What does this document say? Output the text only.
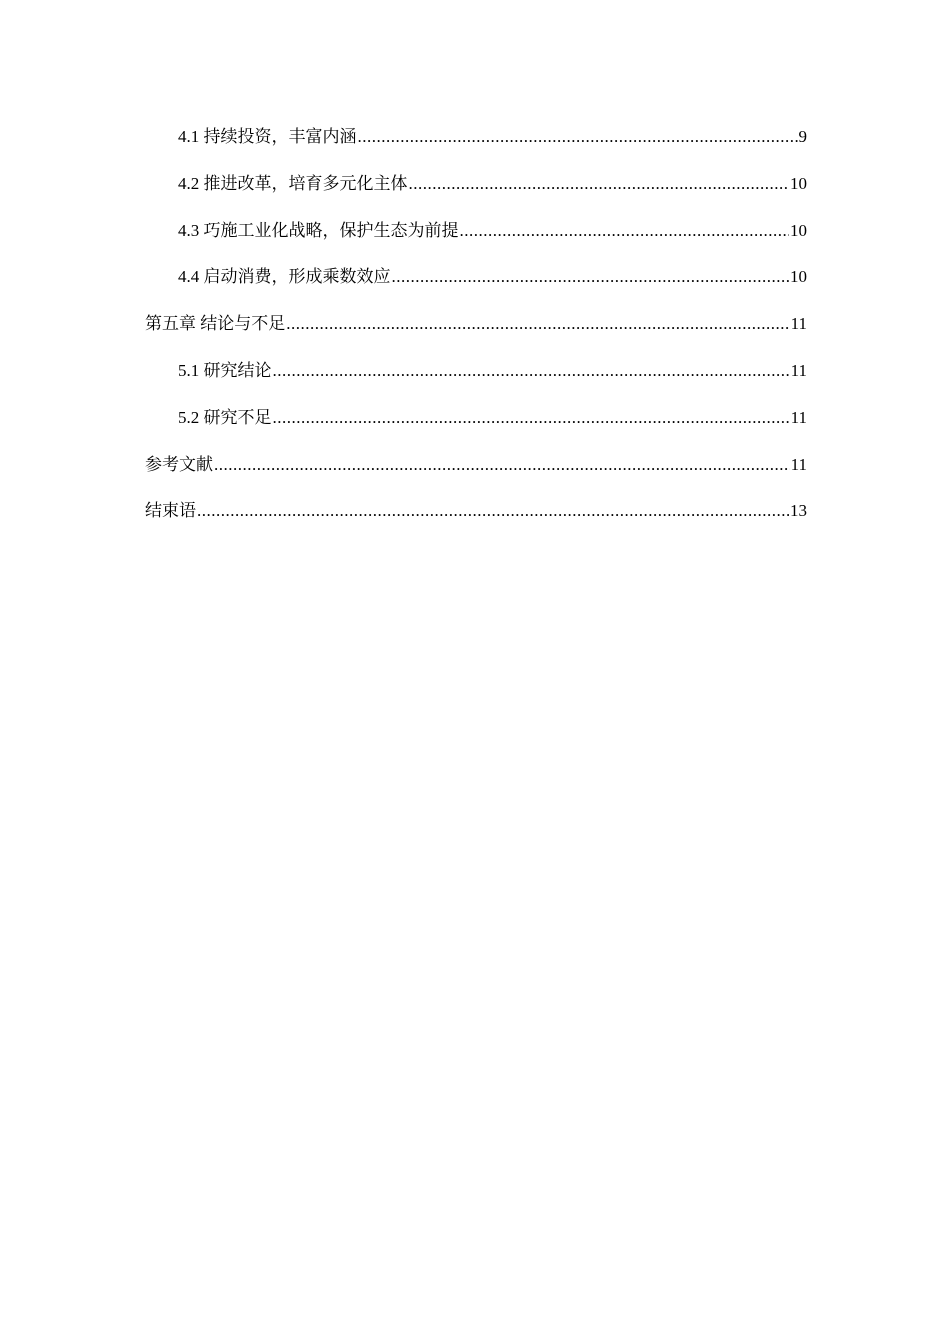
4.1 持续投资，丰富内涵 .....	9
4.2 推进改革，培育多元化主体 .....	10
4.3 巧施工业化战略，保护生态为前提 .....	10
4.4 启动消费，形成乘数效应 .....	10
第五章 结论与不足 .....	11
5.1 研究结论 .....	11
5.2 研究不足 .....	11
参考文献 .....	11
结束语 .....	13
